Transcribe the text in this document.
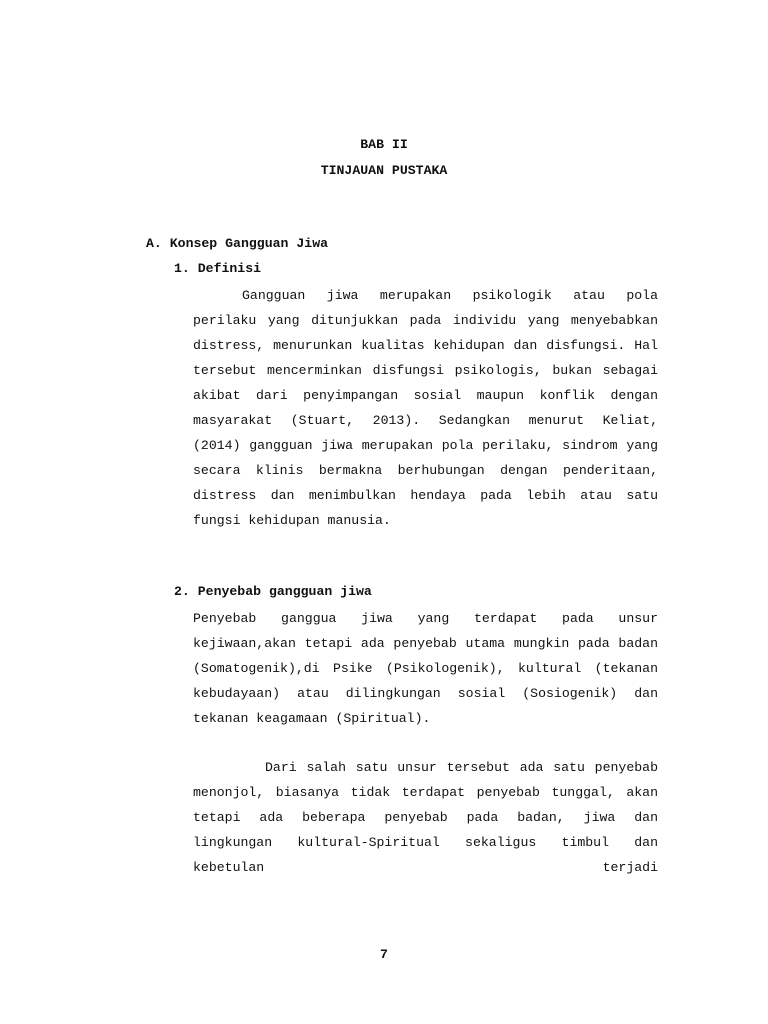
BAB II
TINJAUAN PUSTAKA
A. Konsep Gangguan Jiwa
1. Definisi
Gangguan jiwa merupakan psikologik atau pola perilaku yang ditunjukkan pada individu yang menyebabkan distress, menurunkan kualitas kehidupan dan disfungsi. Hal tersebut mencerminkan disfungsi psikologis, bukan sebagai akibat dari penyimpangan sosial maupun konflik dengan masyarakat (Stuart, 2013). Sedangkan menurut Keliat, (2014) gangguan jiwa merupakan pola perilaku, sindrom yang secara klinis bermakna berhubungan dengan penderitaan, distress dan menimbulkan hendaya pada lebih atau satu fungsi kehidupan manusia.
2. Penyebab gangguan jiwa
Penyebab ganggua jiwa yang terdapat pada unsur kejiwaan,akan tetapi ada penyebab utama mungkin pada badan (Somatogenik),di Psike (Psikologenik), kultural (tekanan kebudayaan) atau dilingkungan sosial (Sosiogenik) dan tekanan keagamaan (Spiritual).
Dari salah satu unsur tersebut ada satu penyebab menonjol, biasanya tidak terdapat penyebab tunggal, akan tetapi ada beberapa penyebab pada badan, jiwa dan lingkungan kultural-Spiritual sekaligus timbul dan kebetulan terjadi
7
